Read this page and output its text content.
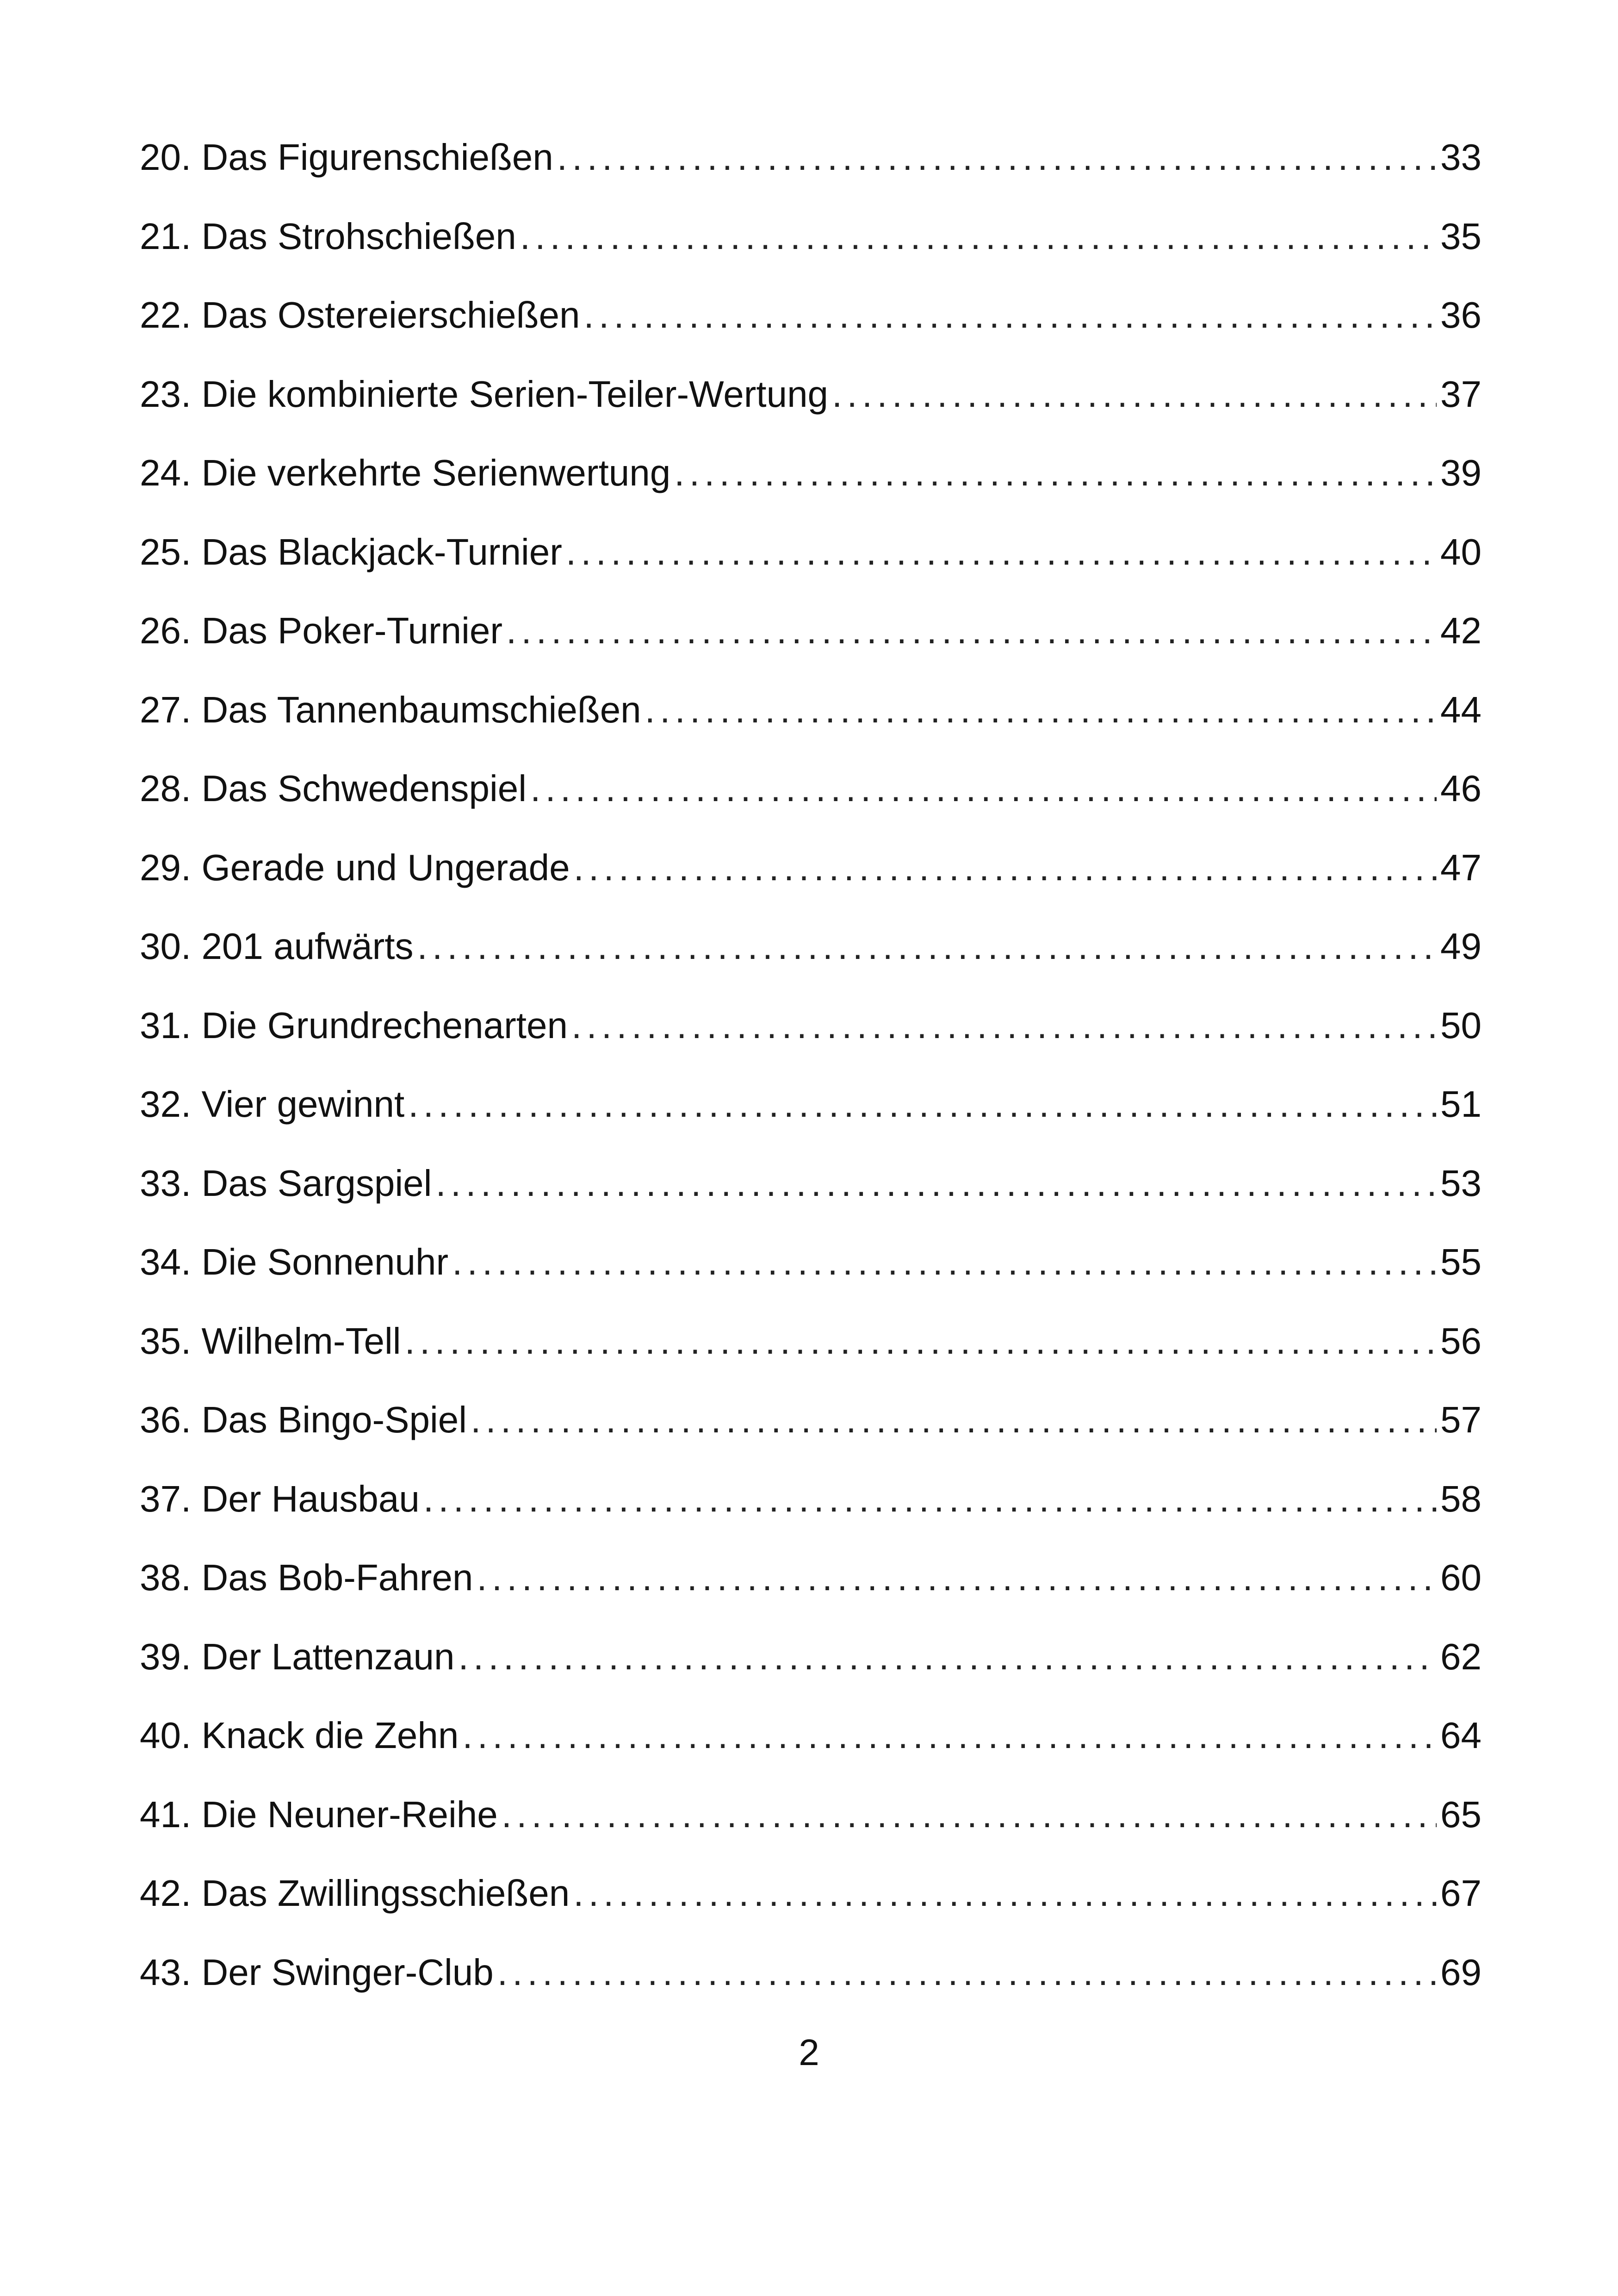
20. Das Figurenschießen . . .	33
21. Das Strohschießen . . .	35
22. Das Ostereierschießen . . .	36
23. Die kombinierte Serien-Teiler-Wertung . . .	37
24. Die verkehrte Serienwertung . . .	39
25. Das Blackjack-Turnier . . .	40
26. Das Poker-Turnier . . .	42
27. Das Tannenbaumschießen . . .	44
28. Das Schwedenspiel . . .	46
29. Gerade und Ungerade . . .	47
30. 201 aufwärts . . .	49
31. Die Grundrechenarten . . .	50
32. Vier gewinnt . . .	51
33. Das Sargspiel . . .	53
34. Die Sonnenuhr . . .	55
35. Wilhelm-Tell . . .	56
36. Das Bingo-Spiel . . .	57
37. Der Hausbau . . .	58
38. Das Bob-Fahren . . .	60
39. Der Lattenzaun . . .	62
40. Knack die Zehn . . .	64
41. Die Neuner-Reihe . . .	65
42. Das Zwillingsschießen . . .	67
43. Der Swinger-Club . . .	69
2
